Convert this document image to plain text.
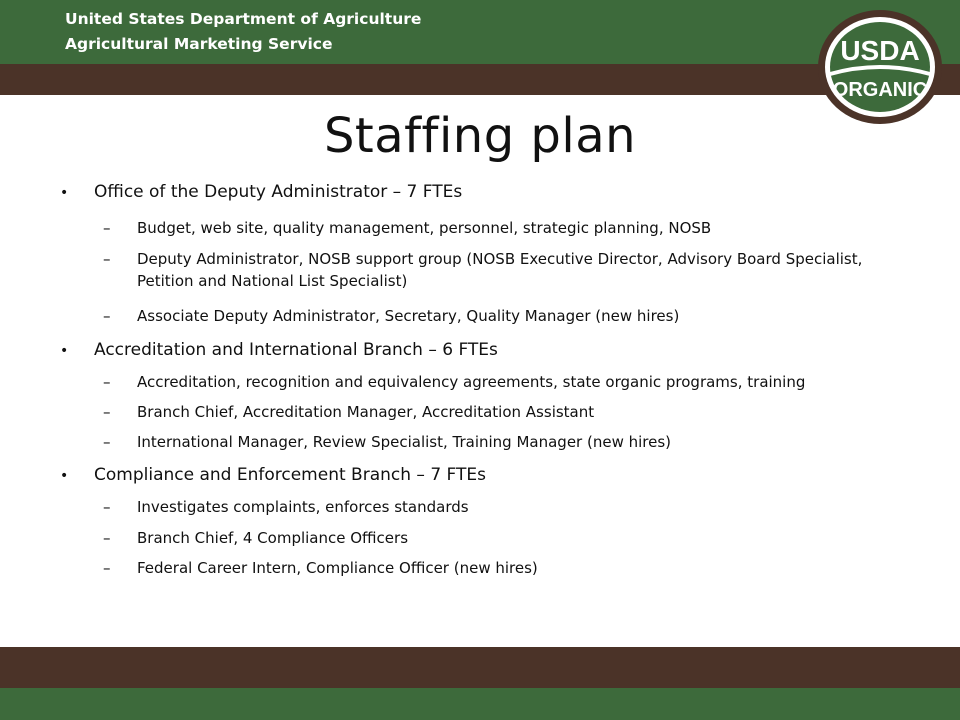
United States Department of Agriculture
Agricultural Marketing Service	USDA
ORGANIC
Staffing plan
• Office of the Deputy Administrator – 7 FTEs
– Budget, web site, quality management, personnel, strategic planning, NOSB
– Deputy Administrator, NOSB support group (NOSB Executive Director, Advisory Board Specialist, Petition and National List Specialist)
– Associate Deputy Administrator, Secretary, Quality Manager (new hires)
• Accreditation and International Branch – 6 FTEs
– Accreditation, recognition and equivalency agreements, state organic programs, training
– Branch Chief, Accreditation Manager, Accreditation Assistant
– International Manager, Review Specialist, Training Manager (new hires)
• Compliance and Enforcement Branch – 7 FTEs
– Investigates complaints, enforces standards
– Branch Chief, 4 Compliance Officers
– Federal Career Intern, Compliance Officer (new hires)
